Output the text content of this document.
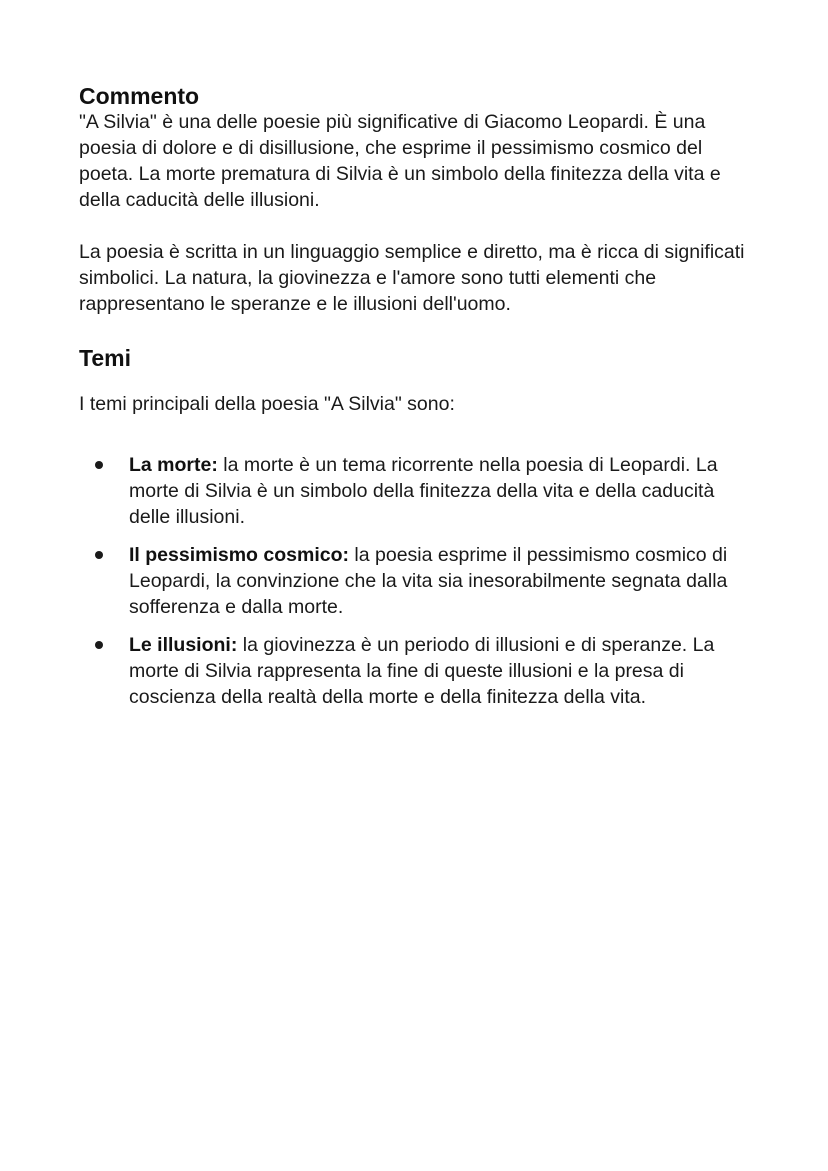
Commento

"A Silvia" è una delle poesie più significative di Giacomo Leopardi. È una poesia di dolore e di disillusione, che esprime il pessimismo cosmico del poeta. La morte prematura di Silvia è un simbolo della finitezza della vita e della caducità delle illusioni.

La poesia è scritta in un linguaggio semplice e diretto, ma è ricca di significati simbolici. La natura, la giovinezza e l'amore sono tutti elementi che rappresentano le speranze e le illusioni dell'uomo.

Temi

I temi principali della poesia "A Silvia" sono:

La morte: la morte è un tema ricorrente nella poesia di Leopardi. La morte di Silvia è un simbolo della finitezza della vita e della caducità delle illusioni.
Il pessimismo cosmico: la poesia esprime il pessimismo cosmico di Leopardi, la convinzione che la vita sia inesorabilmente segnata dalla sofferenza e dalla morte.
Le illusioni: la giovinezza è un periodo di illusioni e di speranze. La morte di Silvia rappresenta la fine di queste illusioni e la presa di coscienza della realtà della morte e della finitezza della vita.
